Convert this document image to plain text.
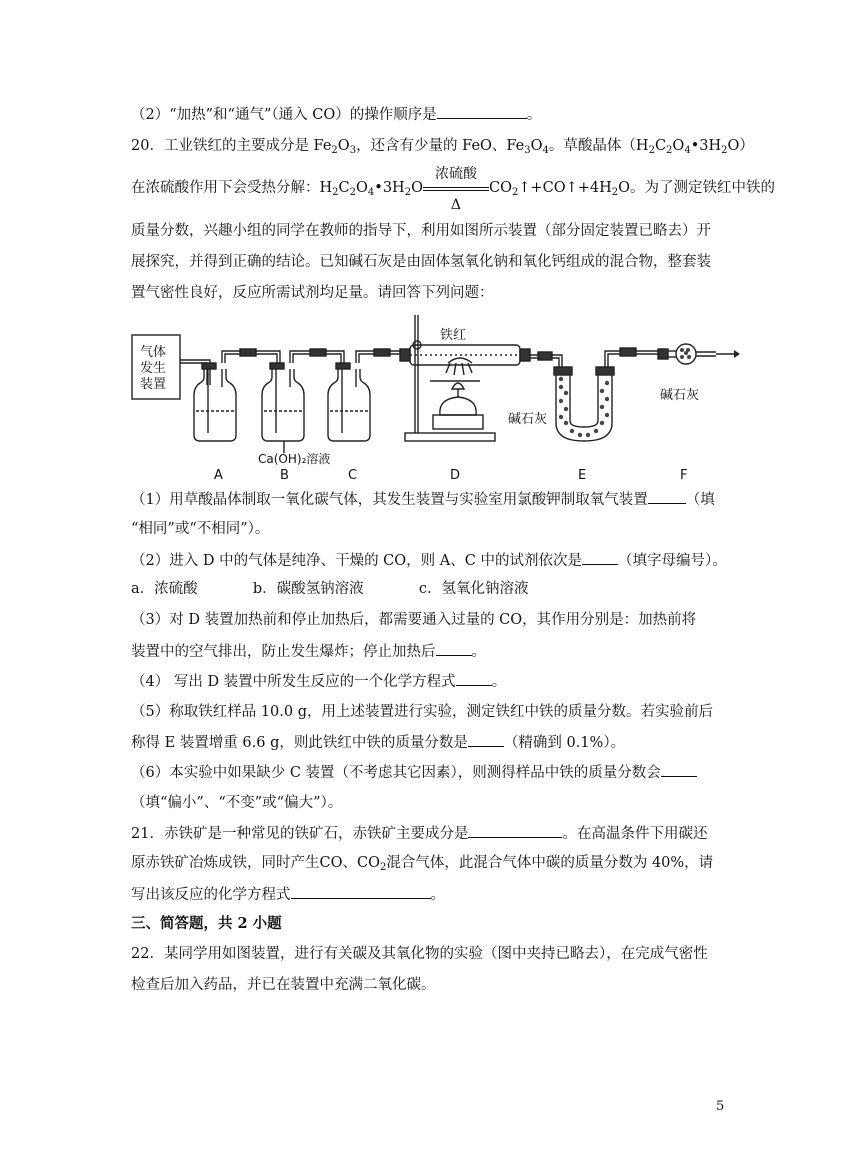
（2）“加热”和“通气”（通入 CO）的操作顺序是	。
20．工业铁红的主要成分是 $Fe_2O_3$，还含有少量的 FeO、$Fe_3O_4$。草酸晶体$(H_2C_2O_4•3H_2O)$
在浓硫酸作用下会受热分解：$H_2C_2O_4•3H_2O$
浓硫酸
Δ
$CO_2↑+CO↑+4H_2O$。为了测定铁红中铁的
质量分数，兴趣小组的同学在教师的指导下，利用如图所示装置（部分固定装置已略去）开
展探究，并得到正确的结论。已知碱石灰是由固体氢氧化钠和氧化钙组成的混合物，整套装
置气密性良好，反应所需试剂均足量。请回答下列问题：
气体
发生
装置
铁红
Ca(OH)₂溶液
碱石灰
碱石灰
A	B	C	D	E	F
（1）用草酸晶体制取一氧化碳气体，其发生装置与实验室用氯酸钾制取氧气装置	（填
“相同”或“不相同”）。
（2）进入 D 中的气体是纯净、干燥的 CO，则 A、C 中的试剂依次是 （填字母编号）。
a．浓硫酸	b．碳酸氢钠溶液	c．氢氧化钠溶液
（3）对 D 装置加热前和停止加热后，都需要通入过量的 CO，其作用分别是：加热前将
装置中的空气排出，防止发生爆炸；停止加热后 。
（4） 写出 D 装置中所发生反应的一个化学方程式 。
（5）称取铁红样品 10.0 g，用上述装置进行实验，测定铁红中铁的质量分数。若实验前后
称得 E 装置增重 6.6 g，则此铁红中铁的质量分数是 （精确到 0.1%）。
（6）本实验中如果缺少 C 装置（不考虑其它因素），则测得样品中铁的质量分数会
（填“偏小”、“不变”或“偏大”）。
21．赤铁矿是一种常见的铁矿石，赤铁矿主要成分是	。在高温条件下用碳还
原赤铁矿冶炼成铁，同时产生CO、$CO_2$混合气体，此混合气体中碳的质量分数为 40%，请
写出该反应的化学方程式	。
三、简答题，共 2 小题
22．某同学用如图装置，进行有关碳及其氧化物的实验（图中夹持已略去），在完成气密性
检查后加入药品，并已在装置中充满二氧化碳。
5
